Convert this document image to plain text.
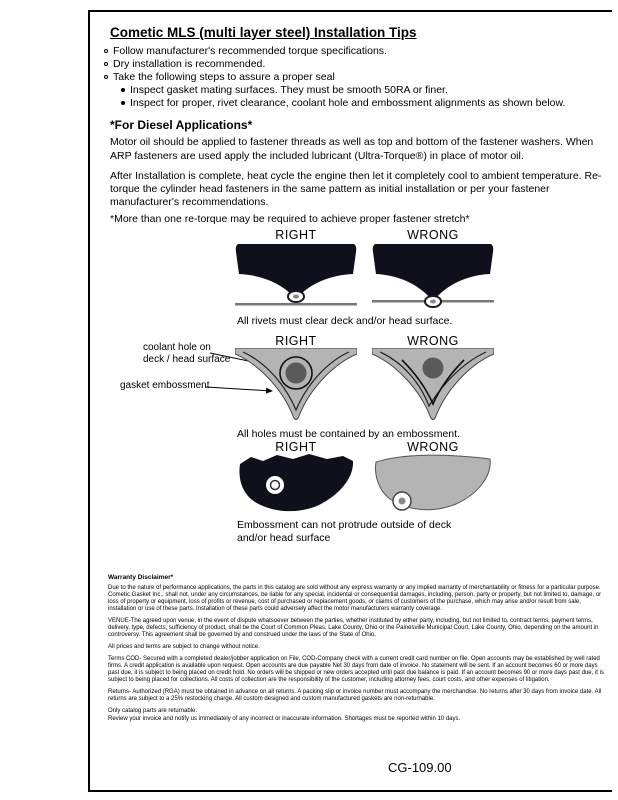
Cometic MLS (multi layer steel) Installation Tips
Follow manufacturer's recommended torque specifications.
Dry installation is recommended.
Take the following steps to assure a proper seal
Inspect gasket mating surfaces. They must be smooth 50RA or finer.
Inspect for proper, rivet clearance, coolant hole and embossment alignments as shown below.
*For Diesel Applications*
Motor oil should be applied to fastener threads as well as top and bottom of the fastener washers. When ARP fasteners are used apply the included lubricant (Ultra-Torque®) in place of motor oil.
After Installation is complete, heat cycle the engine then let it completely cool to ambient temperature. Re-torque the cylinder head fasteners in the same pattern as initial installation or per your fastener manufacturer's recommendations.
*More than one re-torque may be required to achieve proper fastener stretch*
RIGHT	WRONG
All rivets must clear deck and/or head surface.
coolant hole on deck / head surface
gasket embossment
RIGHT	WRONG
All holes must be contained by an embossment.
RIGHT	WRONG
Embossment can not protrude outside of deck and/or head surface
Warranty Disclaimer*

Due to the nature of performance applications, the parts in this catalog are sold without any express warranty or any implied warranty of merchantability or fitness for a particular purpose. Cometic Gasket Inc., shall not, under any circumstances, be liable for any special, incidental or consequential damages, including, person, party or property, but not limited to, damage, or loss of property or equipment, loss of profits or revenue, cost of purchased or replacement goods, or claims of customers of the purchase, which may arise and/or result from sale, installation or use of these parts. Installation of these parts could adversely affect the motor manufacturers warranty coverage.

VENUE-The agreed upon venue, in the event of dispute whatsoever between the parties, whether instituted by either party, including, but not limited to, contract terms, payment terms, delivery, type, defects, sufficiency of product, shall be the Court of Common Pleas, Lake County, Ohio or the Painesville Municipal Court, Lake County, Ohio, depending on the amount in controversy. This agreement shall be governed by and construed under the laws of the State of Ohio.

All prices and terms are subject to change without notice.

Terms COD- Secured with a completed dealer/jobber application on File, COD-Company check with a current credit card number on file. Open accounts may be established by well rated firms. A credit application is available upon request. Open accounts are due payable Net 30 days from date of invoice. No statement will be sent. If an account becomes 60 or more days past due, it is subject to being placed on credit hold. No orders will be shipped or new orders accepted until past due balance is paid. If an account becomes 90 or more days past due, it is subject to being placed for collections. All costs of collection are the responsibility of the customer, including attorney fees, court costs, and other expenses of litigation.

Returns- Authorized (RGA) must be obtained in advance on all returns. A packing slip or invoice number must accompany the merchandise. No returns after 30 days from invoice date. All returns are subject to a 25% restocking charge. All custom designed and custom manufactured gaskets are non-returnable.

Only catalog parts are returnable.

Review your invoice and notify us immediately of any incorrect or inaccurate information. Shortages must be reported within 10 days.

CG-109.00
